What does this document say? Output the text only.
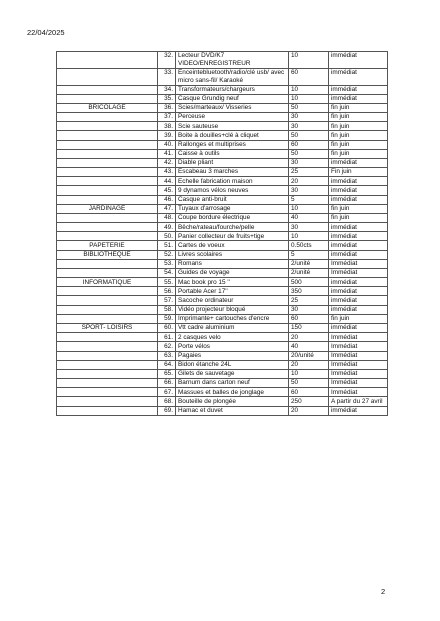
22/04/2025
	32.	Lecteur DVD/K7 VIDEO/ENREGISTREUR	10	immédiat
	33.	Enceintebluetooth/radio/clé usb/ avec micro sans-fil/ Karaoké	60	immédiat
	34.	Transformateurs/chargeurs	10	immédiat
	35.	Casque Grundig neuf	10	immédiat
BRICOLAGE	36.	Scies/marteaux/ Visseries	50	fin juin
	37.	Perceuse	30	fin juin
	38.	Scie sauteuse	30	fin juin
	39.	Boite à douilles+clé à cliquet	50	fin juin
	40.	Rallonges et multiprises	60	fin juin
	41.	Caisse à outils	50	fin juin
	42.	Diable pliant	30	immédiat
	43.	Escabeau 3 marches	25	Fin juin
	44.	Echelle fabrication maison	20	immédiat
	45.	9 dynamos vélos neuves	30	immédiat
	46.	Casque anti-bruit	5	immédiat
JARDINAGE	47.	Tuyaux d'arrosage	10	fin juin
	48.	Coupe bordure électrique	40	fin juin
	49.	Bêche/rateau/fourche/pelle	30	immédiat
	50.	Panier collecteur de fruits+tige	10	immédiat
PAPETERIE	51.	Cartes de voeux	0.50cts	immédiat
BIBLIOTHEQUE	52.	Livres scolaires	5	immédiat
	53.	Romans	2/unité	Immédiat
	54.	Guides de voyage	2/unité	Immédiat
INFORMATIQUE	55.	Mac book pro 15 ''	500	immédiat
	56.	Portable Acer 17''	350	immédiat
	57.	Sacoche ordinateur	25	immédiat
	58.	Vidéo projecteur bloqué	30	immédiat
	59.	Imprimante+ cartouches d'encre	60	fin juin
SPORT- LOISIRS	60.	Vtt cadre aluminium	150	immédiat
	61.	2 casques velo	20	Immédiat
	62.	Porte vélos	40	Immédiat
	63.	Pagaies	20/unité	Immédiat
	64.	Bidon étanche 24L	20	Immédiat
	65.	Gilets de sauvetage	10	Immédiat
	66.	Barnum dans carton neuf	50	Immédiat
	67.	Massues et balles de jonglage	60	Immédiat
	68.	Bouteille de plongée	250	A partir du 27 avril
	69.	Hamac et duvet	20	immédiat
2
